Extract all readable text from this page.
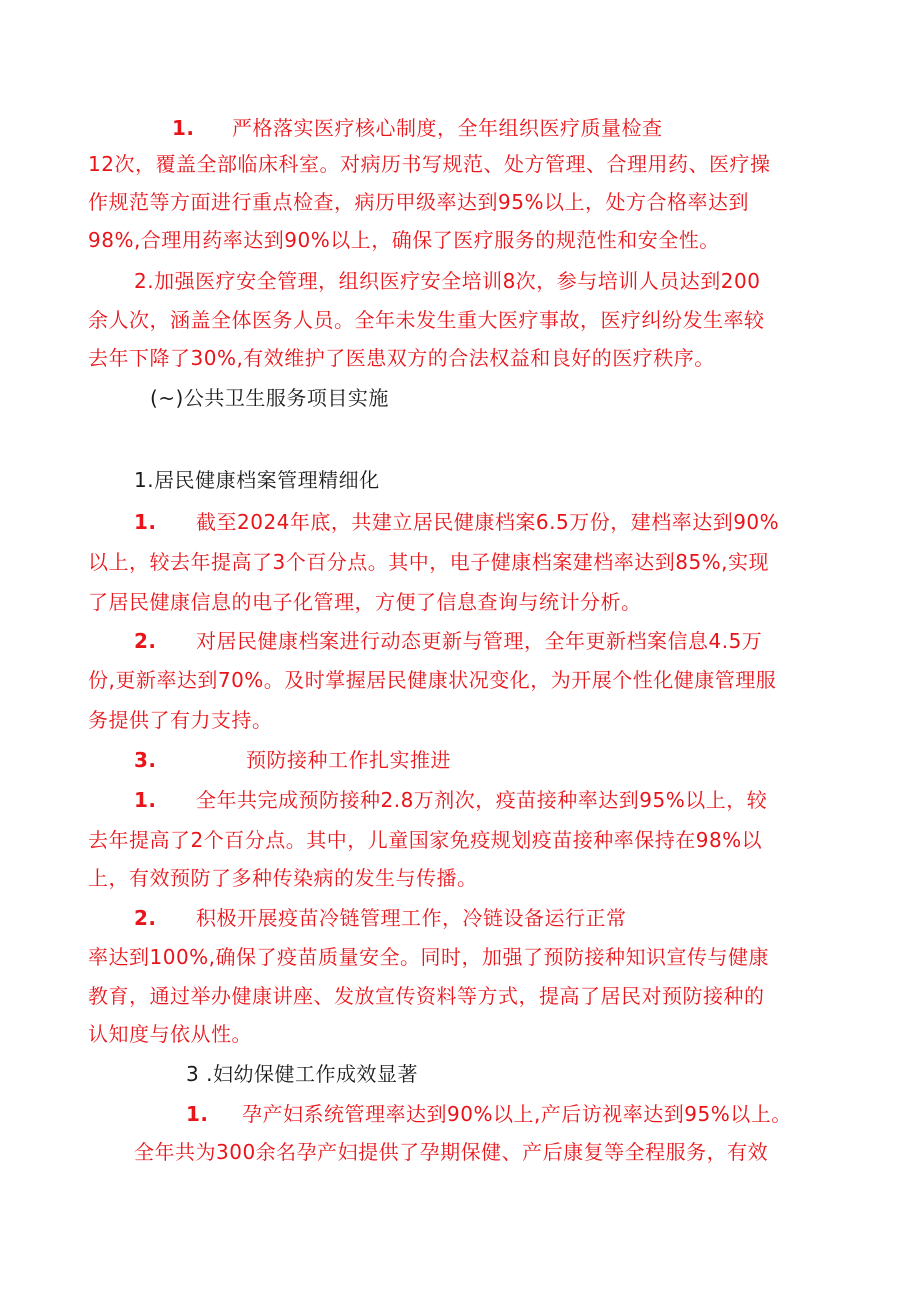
1. 严格落实医疗核心制度，全年组织医疗质量检查
12次，覆盖全部临床科室。对病历书写规范、处方管理、合理用药、医疗操
作规范等方面进行重点检查，病历甲级率达到95%以上，处方合格率达到
98%,合理用药率达到90%以上，确保了医疗服务的规范性和安全性。
2.加强医疗安全管理，组织医疗安全培训8次，参与培训人员达到200
余人次，涵盖全体医务人员。全年未发生重大医疗事故，医疗纠纷发生率较
去年下降了30%,有效维护了医患双方的合法权益和良好的医疗秩序。
(~)公共卫生服务项目实施
1.居民健康档案管理精细化
1. 截至2024年底，共建立居民健康档案6.5万份，建档率达到90%
以上，较去年提高了3个百分点。其中，电子健康档案建档率达到85%,实现
了居民健康信息的电子化管理，方便了信息查询与统计分析。
2. 对居民健康档案进行动态更新与管理，全年更新档案信息4.5万
份,更新率达到70%。及时掌握居民健康状况变化，为开展个性化健康管理服
务提供了有力支持。
3.	预防接种工作扎实推进
1. 全年共完成预防接种2.8万剂次，疫苗接种率达到95%以上，较
去年提高了2个百分点。其中，儿童国家免疫规划疫苗接种率保持在98%以
上，有效预防了多种传染病的发生与传播。
2. 积极开展疫苗冷链管理工作，冷链设备运行正常
率达到100%,确保了疫苗质量安全。同时，加强了预防接种知识宣传与健康
教育，通过举办健康讲座、发放宣传资料等方式，提高了居民对预防接种的
认知度与依从性。
3 .妇幼保健工作成效显著
1. 孕产妇系统管理率达到90%以上,产后访视率达到95%以上。
全年共为300余名孕产妇提供了孕期保健、产后康复等全程服务，有效
